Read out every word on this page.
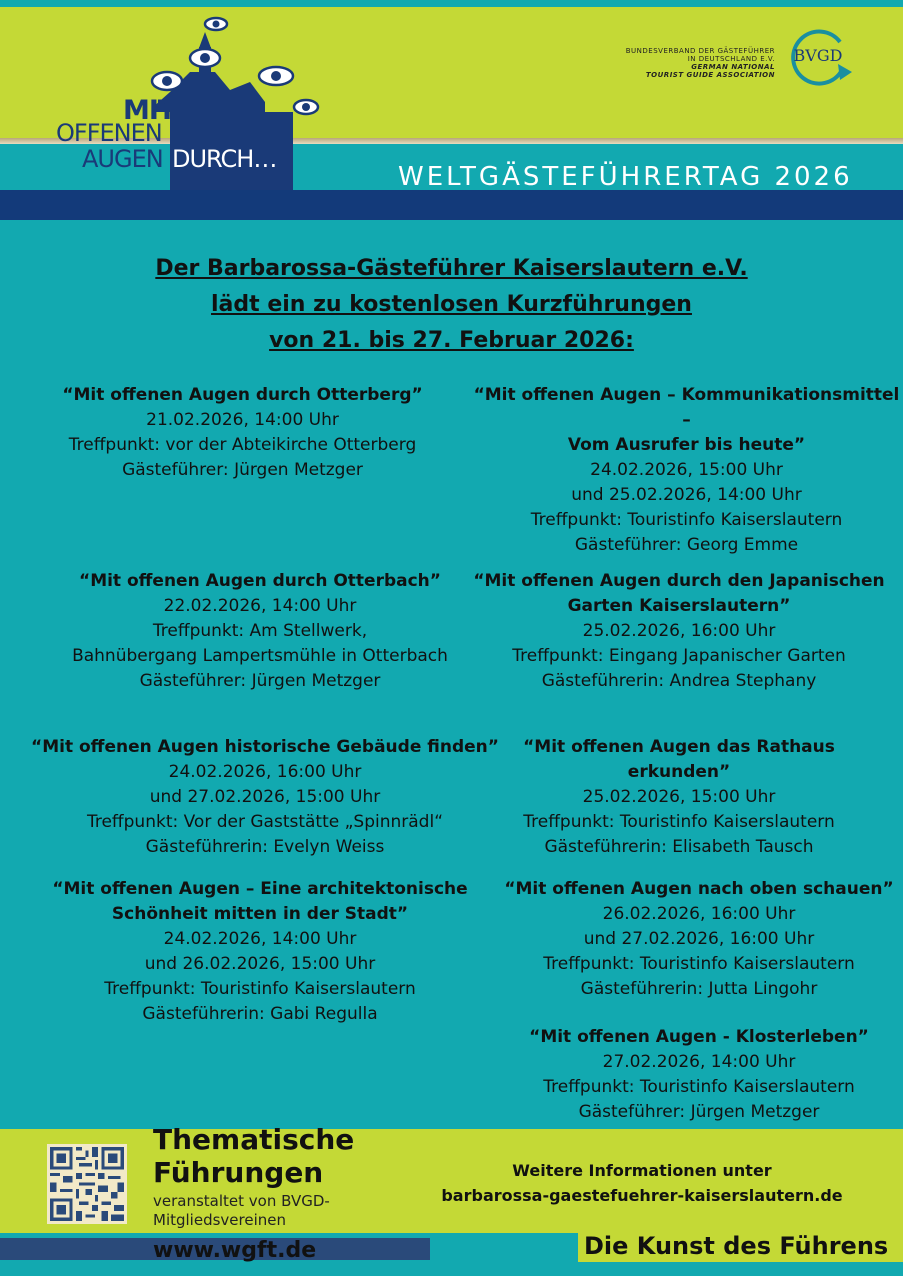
MIT
OFFENEN
AUGEN DURCH…
BUNDESVERBAND DER GÄSTEFÜHRER
IN DEUTSCHLAND E.V.
GERMAN NATIONAL
TOURIST GUIDE ASSOCIATION
BVGD
WELTGÄSTEFÜHRERTAG 2026
Der Barbarossa-Gästeführer Kaiserslautern e.V.
lädt ein zu kostenlosen Kurzführungen
von 21. bis 27. Februar 2026:
“Mit offenen Augen durch Otterberg”
21.02.2026, 14:00 Uhr
Treffpunkt: vor der Abteikirche Otterberg
Gästeführer: Jürgen Metzger
“Mit offenen Augen – Kommunikationsmittel –
Vom Ausrufer bis heute”
24.02.2026, 15:00 Uhr
und 25.02.2026, 14:00 Uhr
Treffpunkt: Touristinfo Kaiserslautern
Gästeführer: Georg Emme
“Mit offenen Augen durch Otterbach”
22.02.2026, 14:00 Uhr
Treffpunkt: Am Stellwerk,
Bahnübergang Lampertsmühle in Otterbach
Gästeführer: Jürgen Metzger
“Mit offenen Augen durch den Japanischen
Garten Kaiserslautern”
25.02.2026, 16:00 Uhr
Treffpunkt: Eingang Japanischer Garten
Gästeführerin: Andrea Stephany
“Mit offenen Augen historische Gebäude finden”
24.02.2026, 16:00 Uhr
und 27.02.2026, 15:00 Uhr
Treffpunkt: Vor der Gaststätte „Spinnrädl“
Gästeführerin: Evelyn Weiss
“Mit offenen Augen das Rathaus erkunden”
25.02.2026, 15:00 Uhr
Treffpunkt: Touristinfo Kaiserslautern
Gästeführerin: Elisabeth Tausch
“Mit offenen Augen – Eine architektonische
Schönheit mitten in der Stadt”
24.02.2026, 14:00 Uhr
und 26.02.2026, 15:00 Uhr
Treffpunkt: Touristinfo Kaiserslautern
Gästeführerin: Gabi Regulla
“Mit offenen Augen nach oben schauen”
26.02.2026, 16:00 Uhr
und 27.02.2026, 16:00 Uhr
Treffpunkt: Touristinfo Kaiserslautern
Gästeführerin: Jutta Lingohr
“Mit offenen Augen - Klosterleben”
27.02.2026, 14:00 Uhr
Treffpunkt: Touristinfo Kaiserslautern
Gästeführer: Jürgen Metzger
Thematische
Führungen
veranstaltet von BVGD-
Mitgliedsvereinen
www.wgft.de
Weitere Informationen unter
barbarossa-gaestefuehrer-kaiserslautern.de
Die Kunst des Führens
